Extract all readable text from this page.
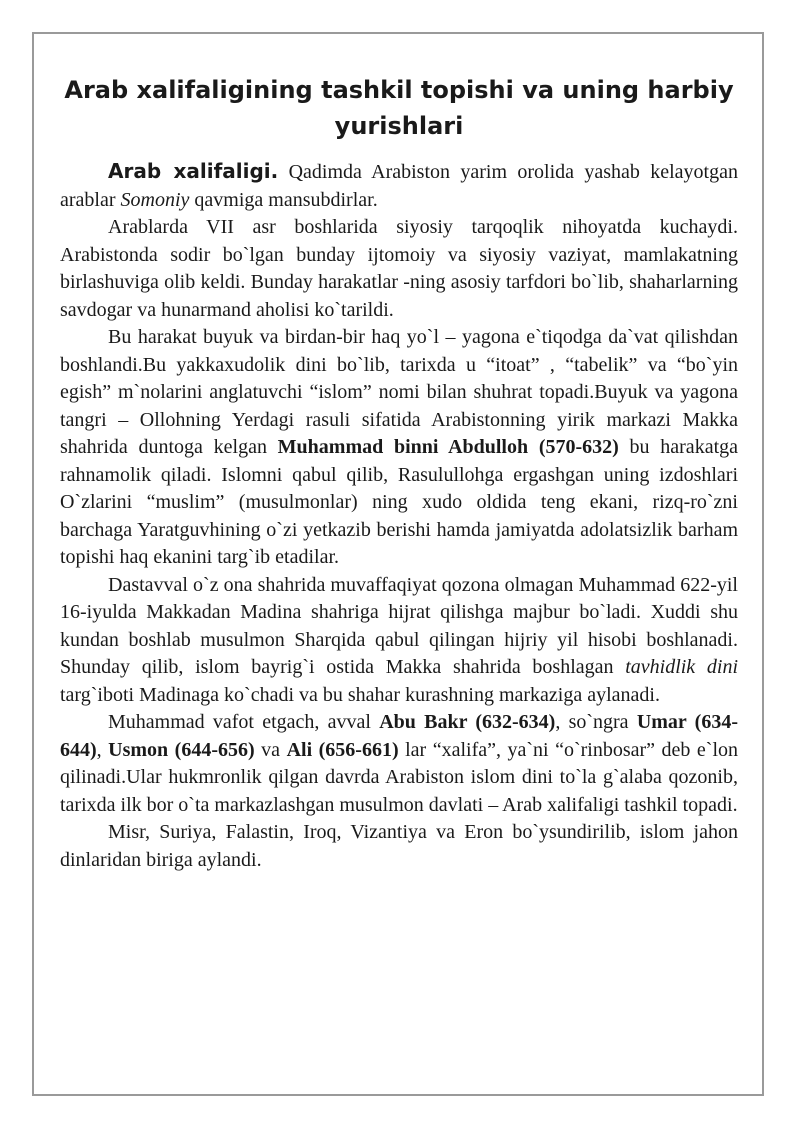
Arab xalifaligining tashkil topishi va uning harbiy yurishlari

Arab xalifaligi. Qadimda Arabiston yarim orolida yashab kelayotgan arablar Somoniy qavmiga mansubdirlar.

Arablarda VII asr boshlarida siyosiy tarqoqlik nihoyatda kuchaydi. Arabistonda sodir bo`lgan bunday ijtomoiy va siyosiy vaziyat, mamlakatning birlashuviga olib keldi. Bunday harakatlar -ning asosiy tarfdori bo`lib, shaharlarning savdogar va hunarmand aholisi ko`tarildi.

Bu harakat buyuk va birdan-bir haq yo`l – yagona e`tiqodga da`vat qilishdan boshlandi.Bu yakkaxudolik dini bo`lib, tarixda u “itoat” , “tabelik” va “bo`yin egish” m`nolarini anglatuvchi “islom” nomi bilan shuhrat topadi.Buyuk va yagona tangri – Ollohning Yerdagi rasuli sifatida Arabistonning yirik markazi Makka shahrida duntoga kelgan Muhammad binni Abdulloh (570-632) bu harakatga rahnamolik qiladi. Islomni qabul qilib, Rasulullohga ergashgan uning izdoshlari O`zlarini “muslim” (musulmonlar) ning xudo oldida teng ekani, rizq-ro`zni barchaga Yaratguvhining o`zi yetkazib berishi hamda jamiyatda adolatsizlik barham topishi haq ekanini targ`ib etadilar.

Dastavval o`z ona shahrida muvaffaqiyat qozona olmagan Muhammad 622-yil 16-iyulda Makkadan Madina shahriga hijrat qilishga majbur bo`ladi. Xuddi shu kundan boshlab musulmon Sharqida qabul qilingan hijriy yil hisobi boshlanadi. Shunday qilib, islom bayrig`i ostida Makka shahrida boshlagan tavhidlik dini targ`iboti Madinaga ko`chadi va bu shahar kurashning markaziga aylanadi.

Muhammad vafot etgach, avval Abu Bakr (632-634), so`ngra Umar (634-644), Usmon (644-656) va Ali (656-661) lar “xalifa”, ya`ni “o`rinbosar” deb e`lon qilinadi.Ular hukmronlik qilgan davrda Arabiston islom dini to`la g`alaba qozonib, tarixda ilk bor o`ta markazlashgan musulmon davlati – Arab xalifaligi tashkil topadi.

Misr, Suriya, Falastin, Iroq, Vizantiya va Eron bo`ysundirilib, islom jahon dinlaridan biriga aylandi.
